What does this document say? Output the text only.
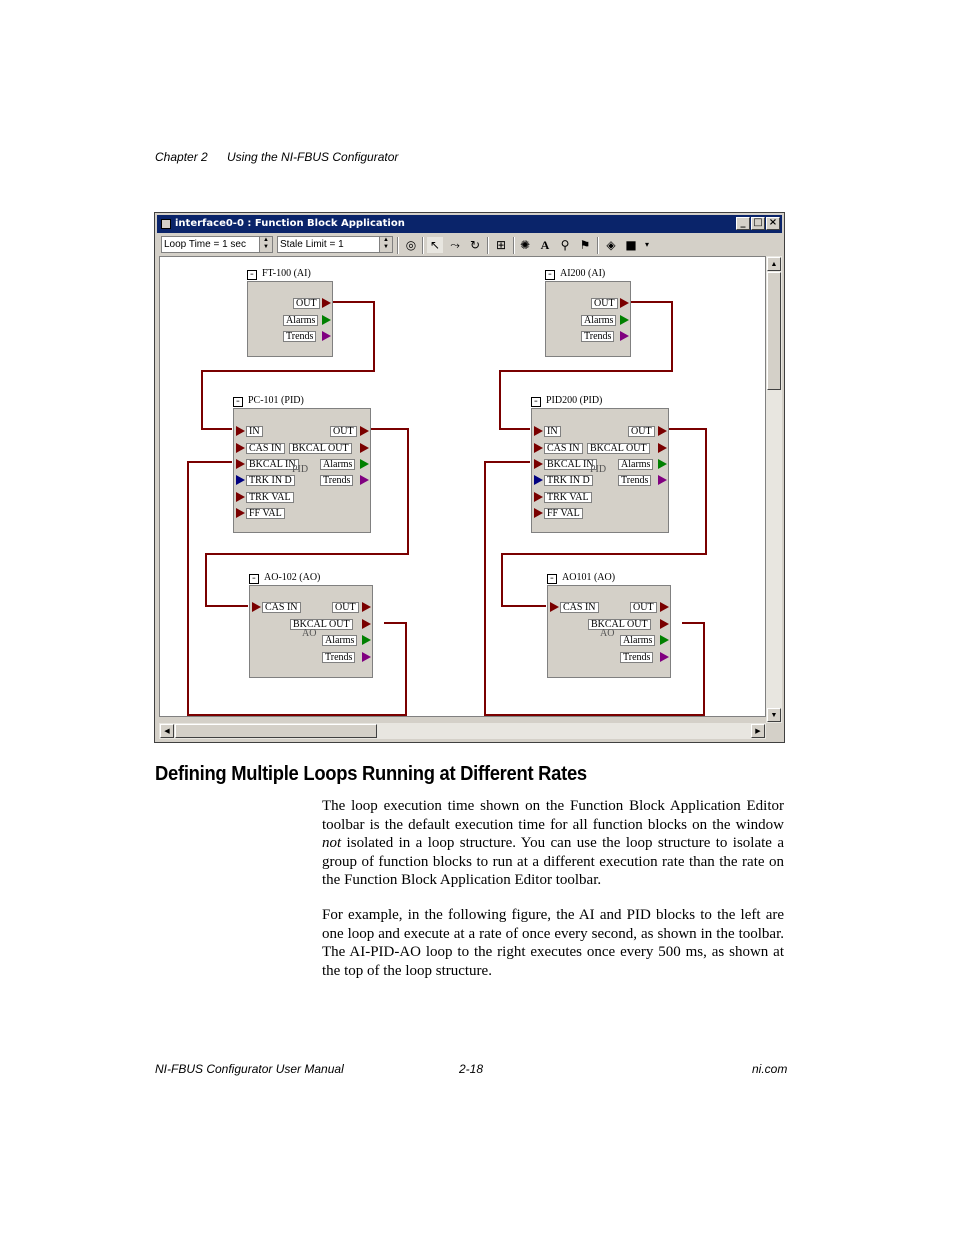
Chapter 2 Using the NI-FBUS Configurator
interface0-0 : Function Block Application	_ □ ×
Loop Time = 1 sec	▲
▼	Stale Limit = 1	▲
▼ ◎ ↖ ⤳ ↻ ⊞ ✺ A ⚲ ⚑ ◈ ■	▾
≡ FT-100 (AI)
OUT
Alarms
Trends
≡ AI200 (AI)
OUT
Alarms
Trends
≡ PC-101 (PID)
IN
CAS IN
BKCAL IN
TRK IN D
TRK VAL
FF VAL
PID
OUT
BKCAL OUT
Alarms
Trends
≡ PID200 (PID)
IN
CAS IN
BKCAL IN
TRK IN D
TRK VAL
FF VAL
PID
OUT
BKCAL OUT
Alarms
Trends
≡ AO-102 (AO)
CAS IN	OUT
BKCAL OUT
AO
Alarms
Trends
≡ AO101 (AO)
CAS IN	OUT
BKCAL OUT
AO
Alarms
Trends
▲
▼
◀	▶
Defining Multiple Loops Running at Different Rates

The loop execution time shown on the Function Block Application Editor toolbar is the default execution time for all function blocks on the window not isolated in a loop structure. You can use the loop structure to isolate a group of function blocks to run at a different execution rate than the rate on the Function Block Application Editor toolbar.

For example, in the following figure, the AI and PID blocks to the left are one loop and execute at a rate of once every second, as shown in the toolbar. The AI-PID-AO loop to the right executes once every 500 ms, as shown at the top of the loop structure.

NI-FBUS Configurator User Manual	2-18	ni.com
